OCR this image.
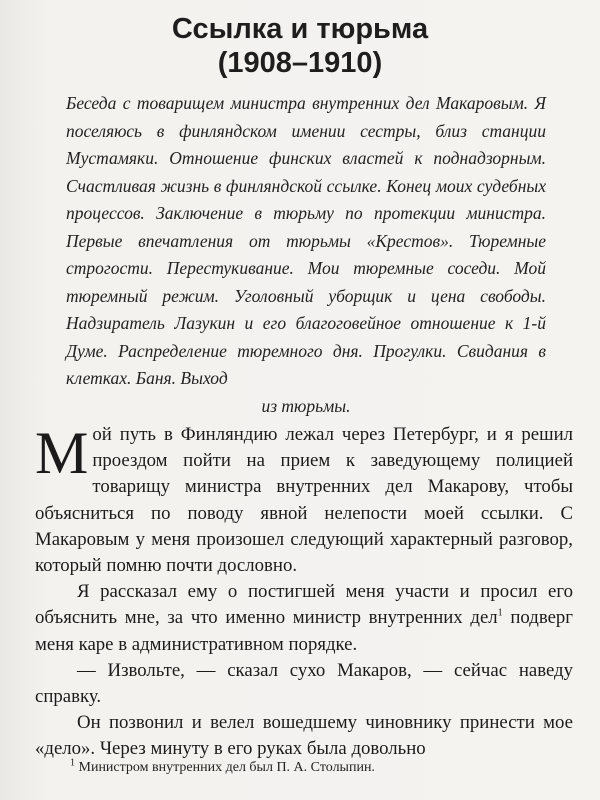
Ссылка и тюрьма
(1908–1910)
Беседа с товарищем министра внутренних дел Макаровым. Я поселяюсь в финляндском имении сестры, близ станции Мустамяки. Отношение финских властей к поднадзорным. Счастливая жизнь в финляндской ссылке. Конец моих судебных процессов. Заключение в тюрьму по протекции министра. Первые впечатления от тюрьмы «Крестов». Тюремные строгости. Перестукивание. Мои тюремные соседи. Мой тюремный режим. Уголовный уборщик и цена свободы. Надзиратель Лазукин и его благоговейное отношение к 1-й Думе. Распределение тюремного дня. Прогулки. Свидания в клетках. Баня. Выход
из тюрьмы.

Мой путь в Финляндию лежал через Петербург, и я решил проездом пойти на прием к заведующему полицией товарищу министра внутренних дел Макарову, чтобы объясниться по поводу явной нелепости моей ссылки. С Макаровым у меня произошел следующий характерный разговор, который помню почти дословно.

Я рассказал ему о постигшей меня участи и просил его объяснить мне, за что именно министр внутренних дел$^1$ подверг меня каре в административном порядке.

— Извольте, — сказал сухо Макаров, — сейчас наведу справку.

Он позвонил и велел вошедшему чиновнику принести мое «дело». Через минуту в его руках была довольно

$^1$ Министром внутренних дел был П. А. Столыпин.
